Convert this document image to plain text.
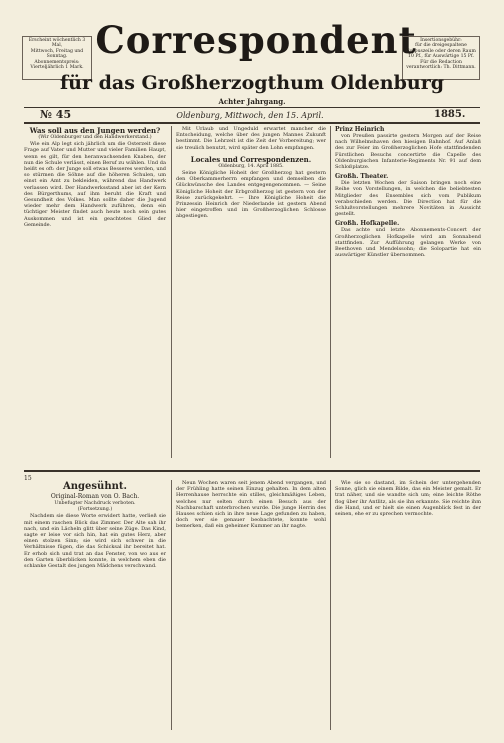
Erscheint wöchentlich 3 Mal,
Mittwoch, Freitag und Sonntag.
Abonnementspreis:
Vierteljährlich 1 Mark.
Correspondent Insertionsgebühr:
für die dreigespaltene Corpuszeile oder deren Raum 10 Pf., für Auswärtige 15 Pf.
Für die Redaction verantwortlich: Th. Dittmann.
für das Großherzogthum Oldenburg
Achter Jahrgang.
№ 45	Oldenburg, Mittwoch, den 15. April.	1885.
Was soll aus den Jungen werden?
(Wir Oldenburger und den Handwerkerstand.)

Wie ein Alp legt sich jährlich um die Osterzeit diese Frage auf Vater und Mutter und vieler Familien Haupt, wenn es gilt, für den heranwachsenden Knaben, der nun die Schule verlässt, einen Beruf zu wählen. Und da heißt es oft: der Junge soll etwas Besseres werden, und so stürmen die Söhne auf die höheren Schulen, um einst ein Amt zu bekleiden, während das Handwerk verlassen wird. Der Handwerksstand aber ist der Kern des Bürgerthums, auf ihm beruht die Kraft und Gesundheit des Volkes. Man sollte daher die Jugend wieder mehr dem Handwerk zuführen, denn ein tüchtiger Meister findet auch heute noch sein gutes Auskommen und ist ein geachtetes Glied der Gemeinde.

Mit Urlaub und Ungeduld erwartet mancher die Entscheidung, welche über des jungen Mannes Zukunft bestimmt. Die Lehrzeit ist die Zeit der Vorbereitung; wer sie treulich benutzt, wird später den Lohn empfangen.

Locales und Correspondenzen.
Oldenburg, 14. April 1885.

Seine Königliche Hoheit der Großherzog hat gestern den Oberkammerherrn empfangen und demselben die Glückwünsche des Landes entgegengenommen. — Seine Königliche Hoheit der Erbgroßherzog ist gestern von der Reise zurückgekehrt. — Ihre Königliche Hoheit die Prinzessin Heinrich der Niederlande ist gestern Abend hier eingetroffen und im Großherzoglichen Schlosse abgestiegen.

Prinz Heinrich

von Preußen passirte gestern Morgen auf der Reise nach Wilhelmshaven den hiesigen Bahnhof. Auf Anlaß des zur Feier im Großherzoglichen Hofe stattfindenden Fürstlichen Besuchs concertirte die Capelle des Oldenburgischen Infanterie-Regiments Nr. 91 auf dem Schloßplatze.

Großh. Theater.

Die letzten Wochen der Saison bringen noch eine Reihe von Vorstellungen, in welchen die beliebtesten Mitglieder des Ensembles sich vom Publikum verabschieden werden. Die Direction hat für die Schlußvorstellungen mehrere Novitäten in Aussicht gestellt.

Großh. Hofkapelle.

Das achte und letzte Abonnements-Concert der Großherzoglichen Hofkapelle wird am Sonnabend stattfinden. Zur Aufführung gelangen Werke von Beethoven und Mendelssohn; die Solopartie hat ein auswärtiger Künstler übernommen.

15
Angesühnt.
Original-Roman von O. Bach.
Unbefugter Nachdruck verboten.
(Fortsetzung.)

Nachdem sie diese Worte erwidert hatte, verließ sie mit einem raschen Blick das Zimmer. Der Alte sah ihr nach, und ein Lächeln glitt über seine Züge. Das Kind, sagte er leise vor sich hin, hat ein gutes Herz, aber einen stolzen Sinn; sie wird sich schwer in die Verhältnisse fügen, die das Schicksal ihr bereitet hat. Er erhob sich und trat an das Fenster, von wo aus er den Garten überblicken konnte, in welchem eben die schlanke Gestalt des jungen Mädchens verschwand.

Neun Wochen waren seit jenem Abend vergangen, und der Frühling hatte seinen Einzug gehalten. In dem alten Herrenhause herrschte ein stilles, gleichmäßiges Leben, welches nur selten durch einen Besuch aus der Nachbarschaft unterbrochen wurde. Die junge Herrin des Hauses schien sich in ihre neue Lage gefunden zu haben, doch wer sie genauer beobachtete, konnte wohl bemerken, daß ein geheimer Kummer an ihr nagte.

Wie sie so dastand, im Schein der untergehenden Sonne, glich sie einem Bilde, das ein Meister gemalt. Er trat näher, und sie wandte sich um; eine leichte Röthe flog über ihr Antlitz, als sie ihn erkannte. Sie reichte ihm die Hand, und er hielt sie einen Augenblick fest in der seinen, ehe er zu sprechen vermochte.
